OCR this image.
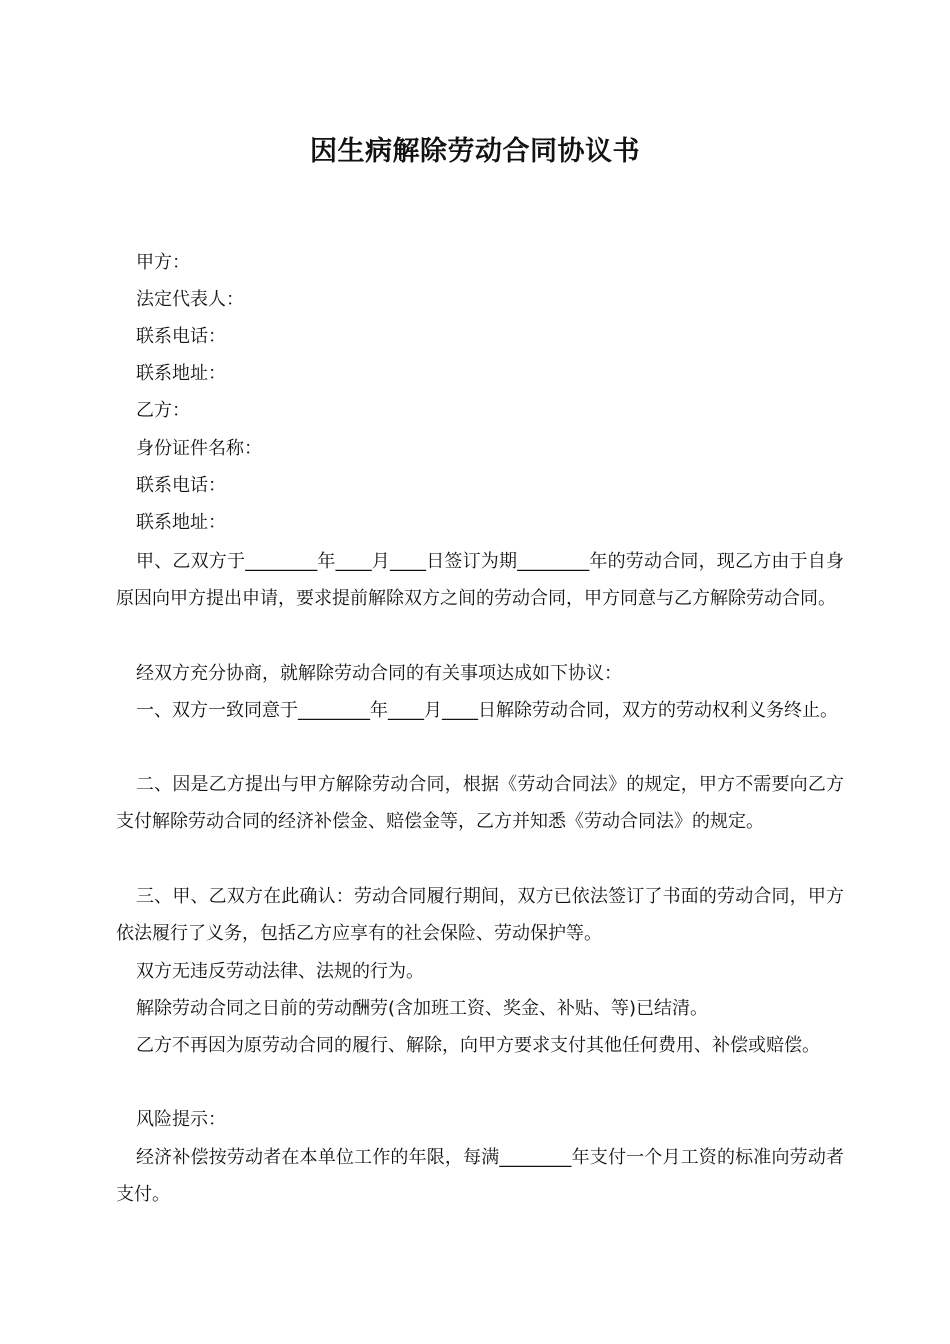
因生病解除劳动合同协议书
甲方：
法定代表人：
联系电话：
联系地址：
乙方：
身份证件名称：
联系电话：
联系地址：
甲、乙双方于________年____月____日签订为期________年的劳动合同，现乙方由于自身原因向甲方提出申请，要求提前解除双方之间的劳动合同，甲方同意与乙方解除劳动合同。
经双方充分协商，就解除劳动合同的有关事项达成如下协议：
一、双方一致同意于________年____月____日解除劳动合同，双方的劳动权利义务终止。
二、因是乙方提出与甲方解除劳动合同，根据《劳动合同法》的规定，甲方不需要向乙方支付解除劳动合同的经济补偿金、赔偿金等，乙方并知悉《劳动合同法》的规定。
三、甲、乙双方在此确认：劳动合同履行期间，双方已依法签订了书面的劳动合同，甲方依法履行了义务，包括乙方应享有的社会保险、劳动保护等。
双方无违反劳动法律、法规的行为。
解除劳动合同之日前的劳动酬劳(含加班工资、奖金、补贴、等)已结清。
乙方不再因为原劳动合同的履行、解除，向甲方要求支付其他任何费用、补偿或赔偿。
风险提示：
经济补偿按劳动者在本单位工作的年限，每满________年支付一个月工资的标准向劳动者支付。
